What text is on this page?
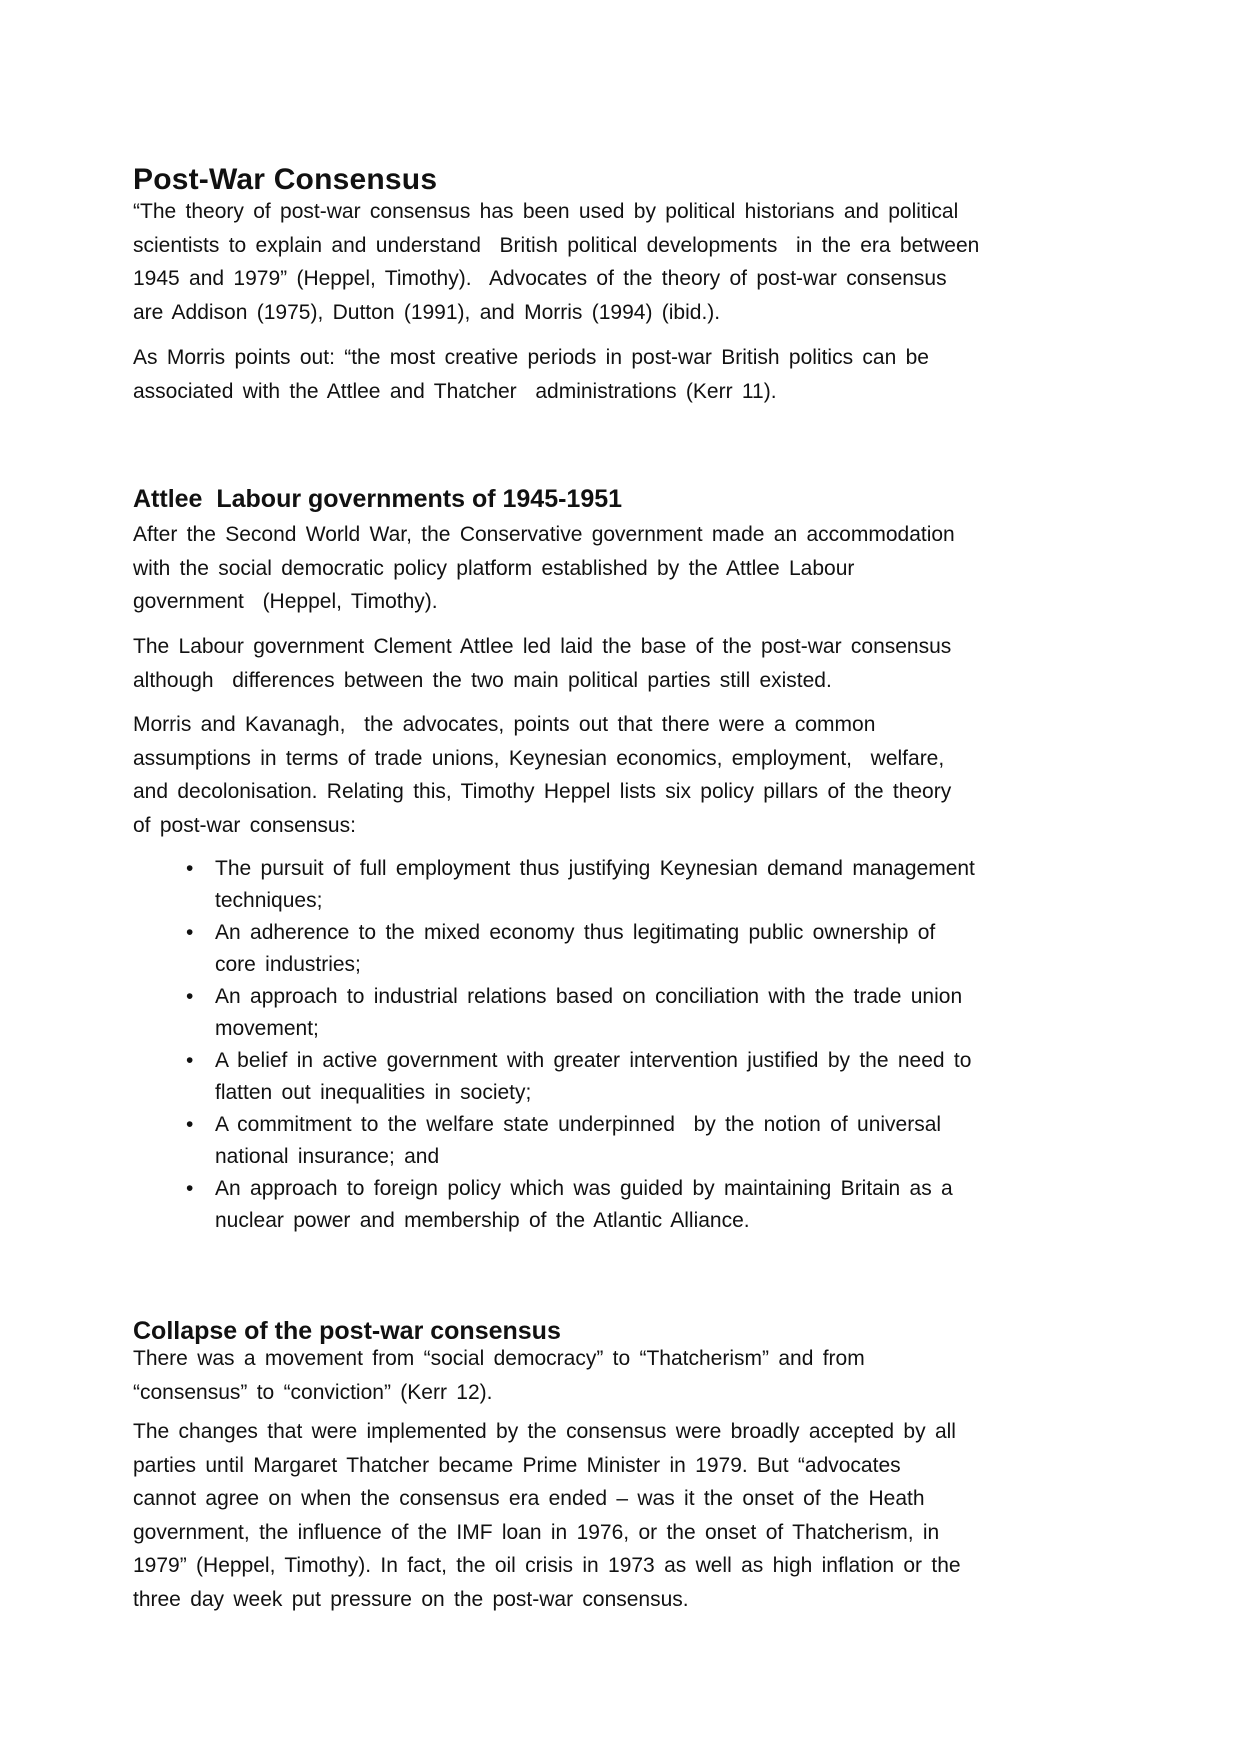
Post-War Consensus
“The theory of post-war consensus has been used by political historians and political
scientists to explain and understand  British political developments  in the era between
1945 and 1979” (Heppel, Timothy).  Advocates of the theory of post-war consensus
are Addison (1975), Dutton (1991), and Morris (1994) (ibid.).
As Morris points out: “the most creative periods in post-war British politics can be
associated with the Attlee and Thatcher  administrations (Kerr 11).
Attlee  Labour governments of 1945-1951
After the Second World War, the Conservative government made an accommodation
with the social democratic policy platform established by the Attlee Labour
government  (Heppel, Timothy).
The Labour government Clement Attlee led laid the base of the post-war consensus
although  differences between the two main political parties still existed.
Morris and Kavanagh,  the advocates, points out that there were a common
assumptions in terms of trade unions, Keynesian economics, employment,  welfare,
and decolonisation. Relating this, Timothy Heppel lists six policy pillars of the theory
of post-war consensus:
• The pursuit of full employment thus justifying Keynesian demand management
techniques;
• An adherence to the mixed economy thus legitimating public ownership of
core industries;
• An approach to industrial relations based on conciliation with the trade union
movement;
• A belief in active government with greater intervention justified by the need to
flatten out inequalities in society;
• A commitment to the welfare state underpinned  by the notion of universal
national insurance; and
• An approach to foreign policy which was guided by maintaining Britain as a
nuclear power and membership of the Atlantic Alliance.
Collapse of the post-war consensus
There was a movement from “social democracy” to “Thatcherism” and from
“consensus” to “conviction” (Kerr 12).
The changes that were implemented by the consensus were broadly accepted by all
parties until Margaret Thatcher became Prime Minister in 1979. But “advocates
cannot agree on when the consensus era ended – was it the onset of the Heath
government, the influence of the IMF loan in 1976, or the onset of Thatcherism, in
1979” (Heppel, Timothy). In fact, the oil crisis in 1973 as well as high inflation or the
three day week put pressure on the post-war consensus.
